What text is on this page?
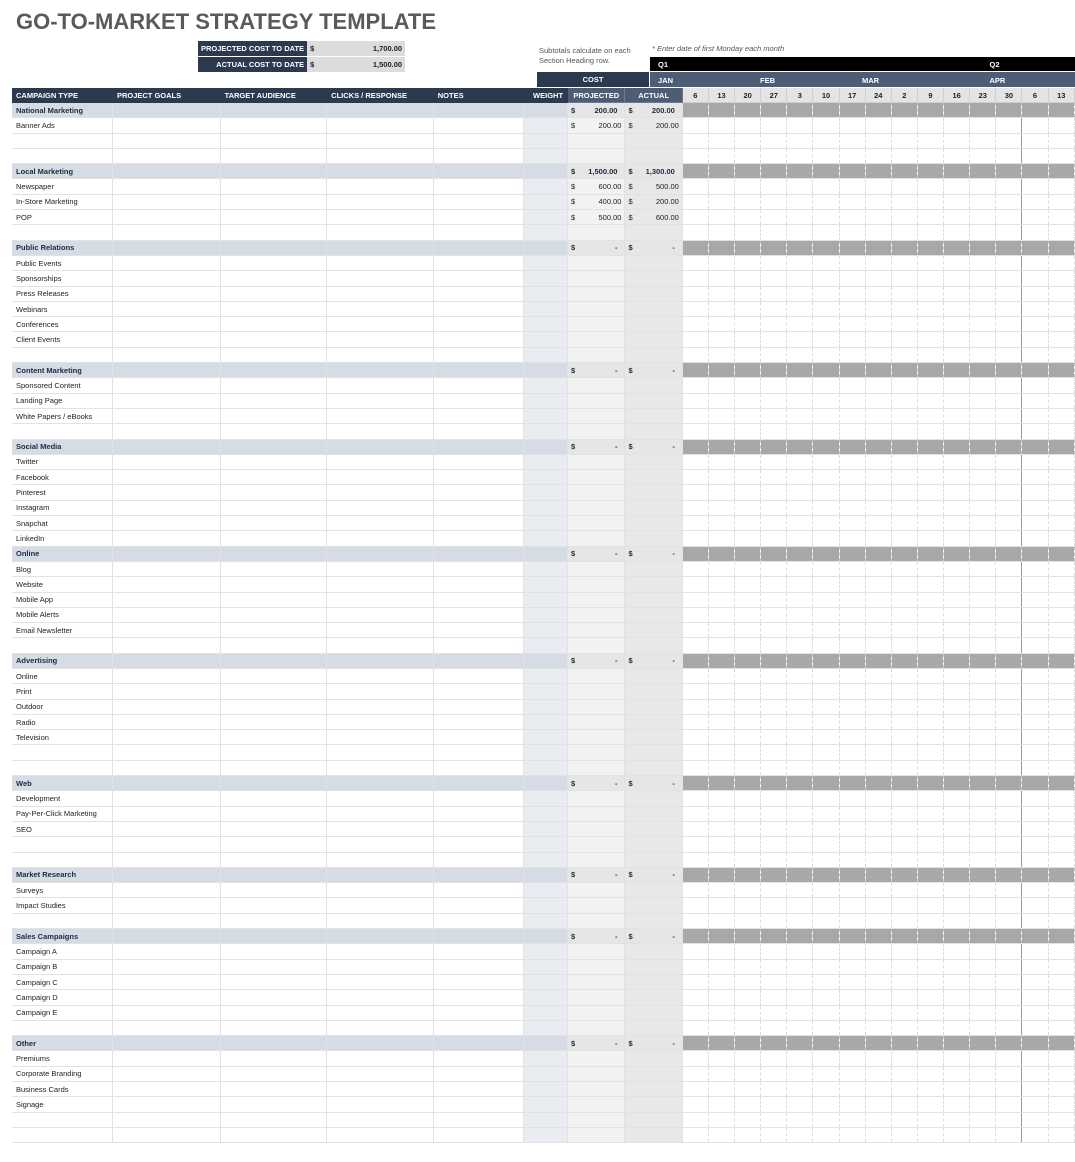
GO-TO-MARKET STRATEGY TEMPLATE
PROJECTED COST TO DATE	$	1,700.00
ACTUAL COST TO DATE	$	1,500.00
Subtotals calculate on each Section Heading row.
* Enter date of first Monday each month
Q1	Q2
COST	JAN	FEB	MAR	APR
CAMPAIGN TYPE	PROJECT GOALS	TARGET AUDIENCE	CLICKS / RESPONSE	NOTES	WEIGHT	PROJECTED	ACTUAL	6	13	20	27	3	10	17	24	2	9	16	23	30	6	13
National Marketing						$ 200.00	$ 200.00															

Banner Ads						$ 200.00	$ 200.00															

Local Marketing						$ 1,500.00	$ 1,300.00															

Newspaper						$ 600.00	$ 500.00															

In-Store Marketing						$ 400.00	$ 200.00															

POP						$ 500.00	$ 600.00															

Public Relations						$ -	$ -															

Public Events																						
Sponsorships																						
Press Releases																						
Webinars																						
Conferences																						
Client Events																						

Content Marketing						$ -	$ -															

Sponsored Content																						
Landing Page																						
White Papers / eBooks																						

Social Media						$ -	$ -															

Twitter																						
Facebook																						
Pinterest																						
Instagram																						
Snapchat																						
LinkedIn																						
Online						$ -	$ -															

Blog																						
Website																						
Mobile App																						
Mobile Alerts																						
Email Newsletter																						

Advertising						$ -	$ -															

Online																						
Print																						
Outdoor																						
Radio																						
Television																						

Web						$ -	$ -															

Development																						
Pay-Per-Click Marketing																						
SEO																						

Market Research						$ -	$ -															

Surveys																						
Impact Studies																						

Sales Campaigns						$ -	$ -															

Campaign A																						
Campaign B																						
Campaign C																						
Campaign D																						
Campaign E																						

Other						$ -	$ -															

Premiums																						
Corporate Branding																						
Business Cards																						
Signage																						
